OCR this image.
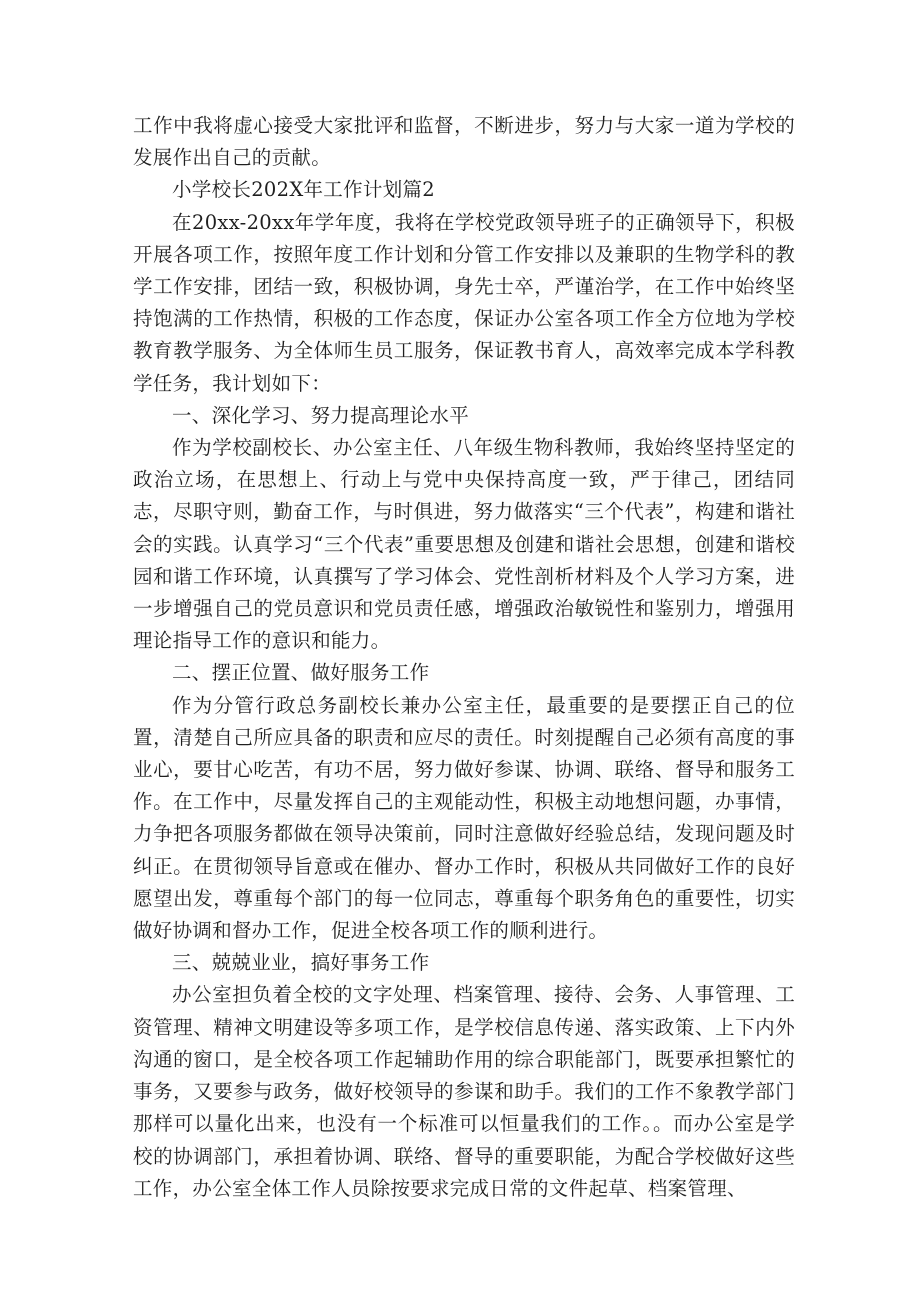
工作中我将虚心接受大家批评和监督，不断进步，努力与大家一道为学校的发展作出自己的贡献。

小学校长202X年工作计划篇2

在20xx-20xx年学年度，我将在学校党政领导班子的正确领导下，积极开展各项工作，按照年度工作计划和分管工作安排以及兼职的生物学科的教学工作安排，团结一致，积极协调，身先士卒，严谨治学，在工作中始终坚持饱满的工作热情，积极的工作态度，保证办公室各项工作全方位地为学校教育教学服务、为全体师生员工服务，保证教书育人，高效率完成本学科教学任务，我计划如下：

一、深化学习、努力提高理论水平

作为学校副校长、办公室主任、八年级生物科教师，我始终坚持坚定的政治立场，在思想上、行动上与党中央保持高度一致，严于律己，团结同志，尽职守则，勤奋工作，与时俱进，努力做落实“三个代表”，构建和谐社会的实践。认真学习“三个代表”重要思想及创建和谐社会思想，创建和谐校园和谐工作环境，认真撰写了学习体会、党性剖析材料及个人学习方案，进一步增强自己的党员意识和党员责任感，增强政治敏锐性和鉴别力，增强用理论指导工作的意识和能力。

二、摆正位置、做好服务工作

作为分管行政总务副校长兼办公室主任，最重要的是要摆正自己的位置，清楚自己所应具备的职责和应尽的责任。时刻提醒自己必须有高度的事业心，要甘心吃苦，有功不居，努力做好参谋、协调、联络、督导和服务工作。在工作中，尽量发挥自己的主观能动性，积极主动地想问题，办事情，力争把各项服务都做在领导决策前，同时注意做好经验总结，发现问题及时纠正。在贯彻领导旨意或在催办、督办工作时，积极从共同做好工作的良好愿望出发，尊重每个部门的每一位同志，尊重每个职务角色的重要性，切实做好协调和督办工作，促进全校各项工作的顺利进行。

三、兢兢业业，搞好事务工作

办公室担负着全校的文字处理、档案管理、接待、会务、人事管理、工资管理、精神文明建设等多项工作，是学校信息传递、落实政策、上下内外沟通的窗口，是全校各项工作起辅助作用的综合职能部门，既要承担繁忙的事务，又要参与政务，做好校领导的参谋和助手。我们的工作不象教学部门那样可以量化出来，也没有一个标准可以恒量我们的工作。。而办公室是学校的协调部门，承担着协调、联络、督导的重要职能，为配合学校做好这些工作，办公室全体工作人员除按要求完成日常的文件起草、档案管理、
